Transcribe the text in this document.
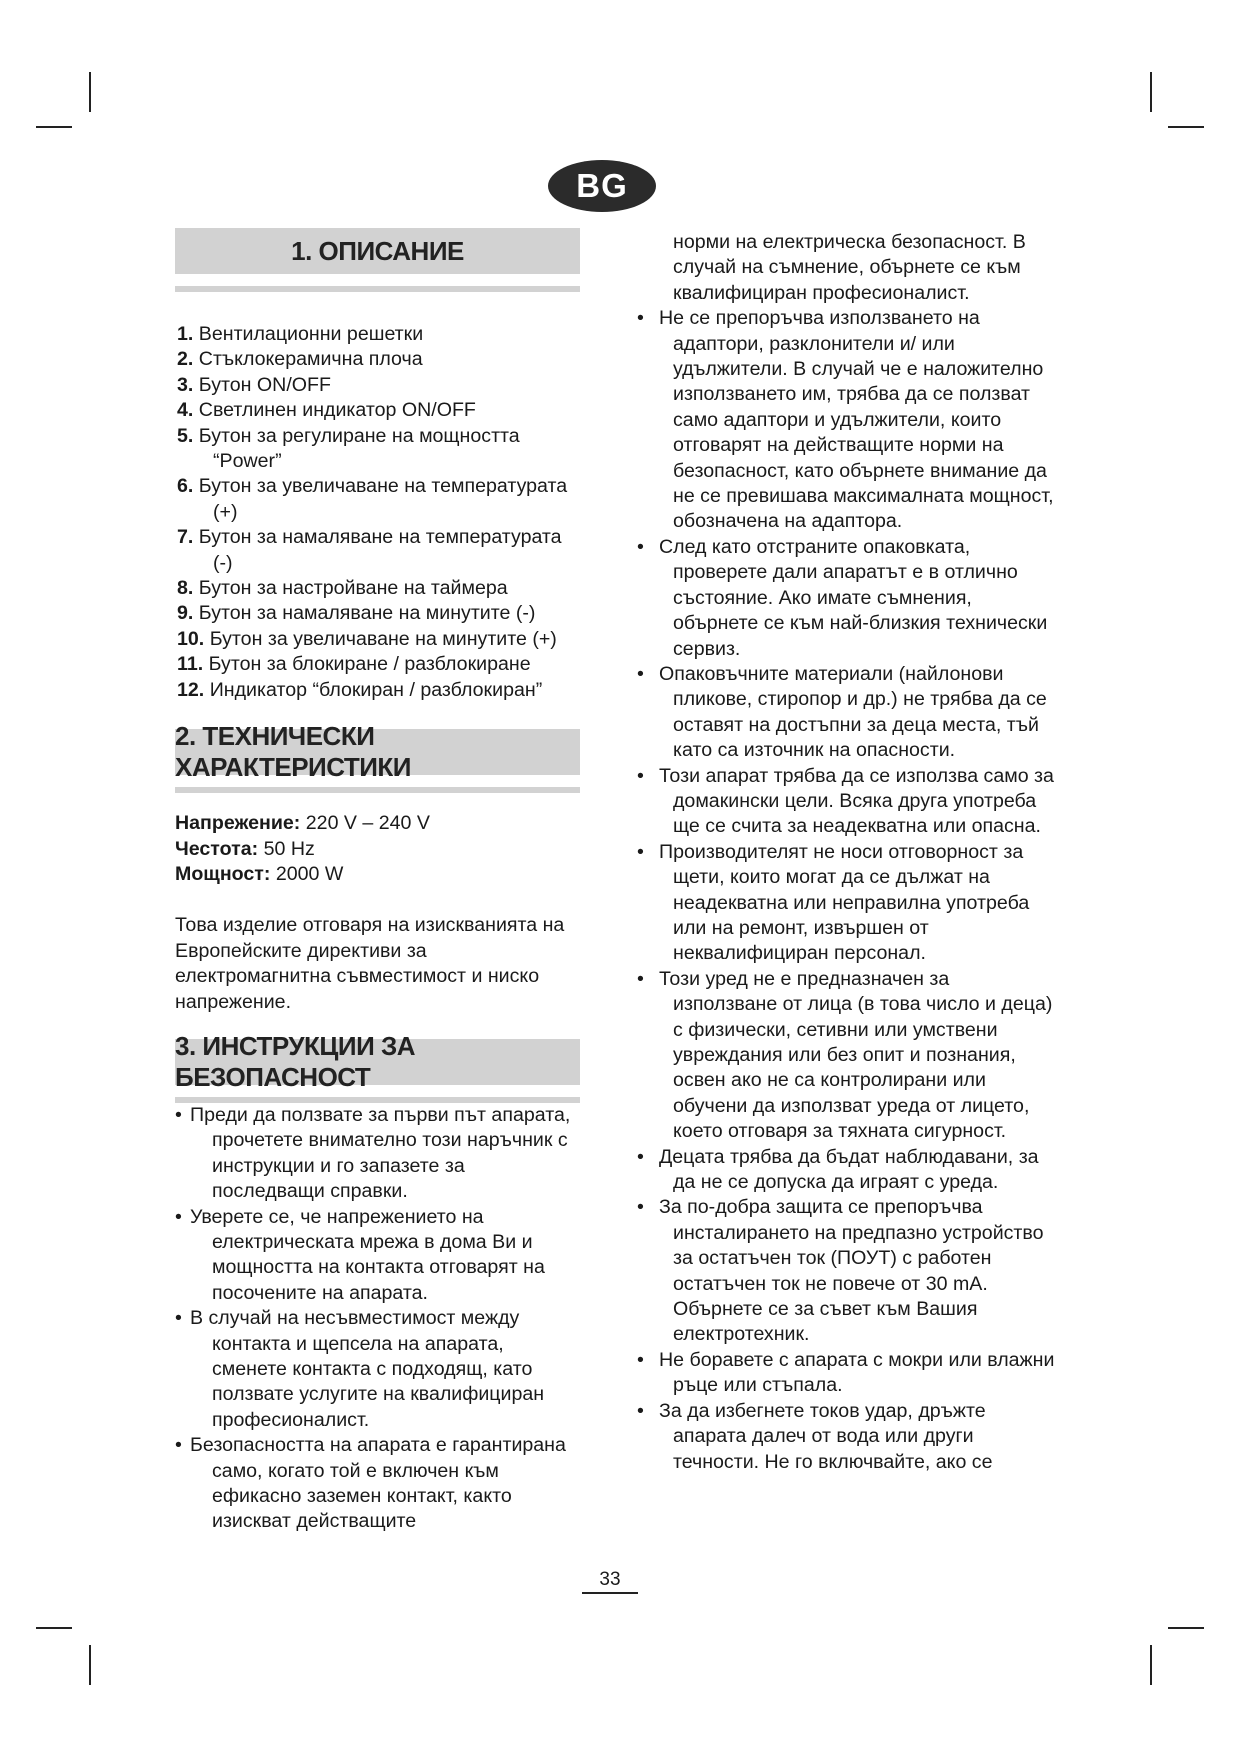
BG
1. ОПИСАНИЕ
1. Вентилационни решетки
2. Стъклокерамична плоча
3. Бутон ON/OFF
4. Светлинен индикатор ON/OFF
5. Бутон за регулиране на мощността “Power”
6. Бутон за увеличаване на температурата (+)
7. Бутон за намаляване на температурата (-)
8. Бутон за настройване на таймера
9. Бутон за намаляване на минутите (-)
10. Бутон за увеличаване на минутите (+)
11. Бутон за блокиране / разблокиране
12. Индикатор “блокиран / разблокиран”
2. ТЕХНИЧЕСКИ ХАРАКТЕРИСТИКИ
Напрежение: 220 V – 240 V
Честота: 50 Hz
Мощност: 2000 W
Това изделие отговаря на изискванията на Европейските директиви за електромагнитна съвместимост и ниско напрежение.
3. ИНСТРУКЦИИ ЗА БЕЗОПАСНОСТ
• Преди да ползвате за първи път апарата, прочетете внимателно този наръчник с инструкции и го запазете за последващи справки.
• Уверете се, че напрежението на електрическата мрежа в дома Ви и мощността на контакта отговарят на посочените на апарата.
• В случай на несъвместимост между контакта и щепсела на апарата, сменете контакта с подходящ, като ползвате услугите на квалифициран професионалист.
• Безопасността на апарата е гарантирана само, когато той е включен към ефикасно заземен контакт, както изискват действащите
норми на електрическа безопасност. В случай на съмнение, обърнете се към квалифициран професионалист.
• Не се препоръчва използването на адаптори, разклонители и/ или удължители. В случай че е наложително използването им, трябва да се ползват само адаптори и удължители, които отговарят на действащите норми на безопасност, като обърнете внимание да не се превишава максималната мощност, обозначена на адаптора.
• След като отстраните опаковката, проверете дали апаратът е в отлично състояние. Ако имате съмнения, обърнете се към най-близкия технически сервиз.
• Опаковъчните материали (найлонови пликове, стиропор и др.) не трябва да се оставят на достъпни за деца места, тъй като са източник на опасности.
• Този апарат трябва да се използва само за домакински цели. Всяка друга употреба ще се счита за неадекватна или опасна.
• Производителят не носи отговорност за щети, които могат да се дължат на неадекватна или неправилна употреба или на ремонт, извършен от неквалифициран персонал.
• Този уред не е предназначен за използване от лица (в това число и деца) с физически, сетивни или умствени увреждания или без опит и познания, освен ако не са контролирани или обучени да използват уреда от лицето, което отговаря за тяхната сигурност.
• Децата трябва да бъдат наблюдавани, за да не се допуска да играят с уреда.
• За по-добра защита се препоръчва инсталирането на предпазно устройство за остатъчен ток (ПОУТ) с работен остатъчен ток не повече от 30 mA. Обърнете се за съвет към Вашия електротехник.
• Не боравете с апарата с мокри или влажни ръце или стъпала.
• За да избегнете токов удар, дръжте апарата далеч от вода или други течности. Не го включвайте, ако се
33
